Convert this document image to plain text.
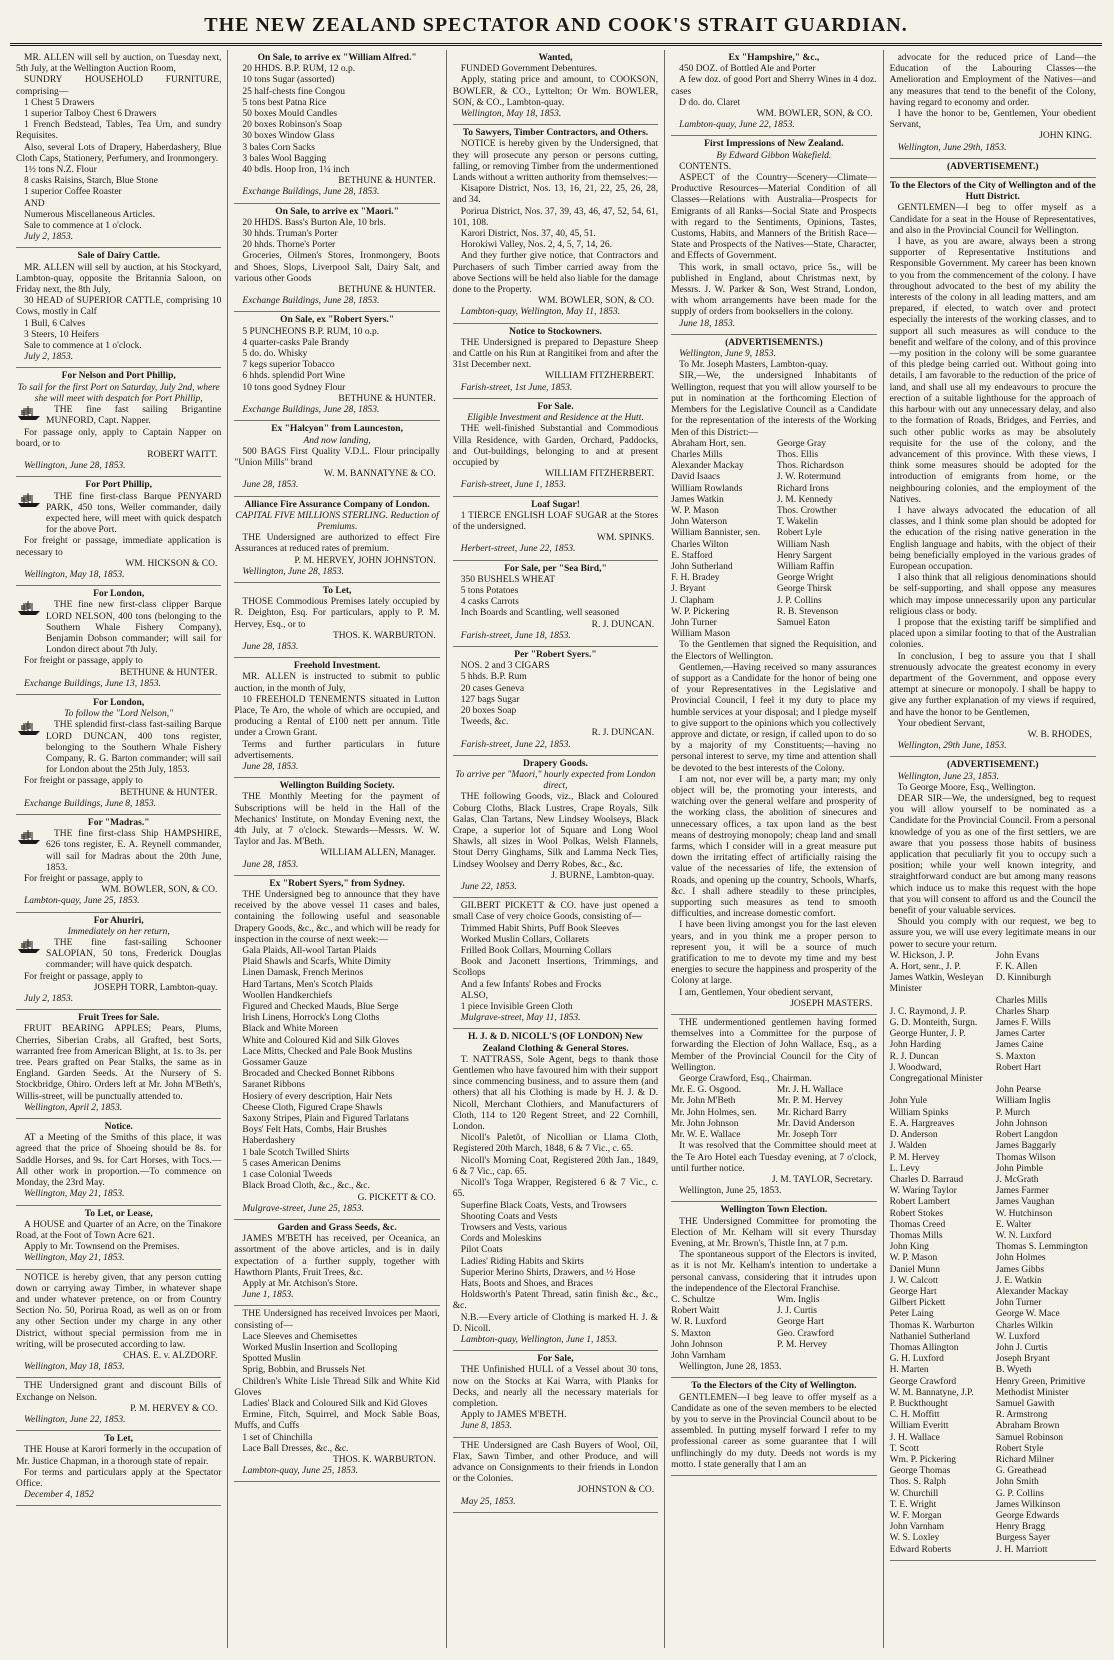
THE NEW ZEALAND SPECTATOR AND COOK'S STRAIT GUARDIAN.

MR. ALLEN will sell by auction, on Tuesday next, 5th July, at the Wellington Auction Room,

SUNDRY HOUSEHOLD FURNITURE, comprising—

1 Chest 5 Drawers

1 superior Talboy Chest 6 Drawers

1 French Bedstead, Tables, Tea Urn, and sundry Requisites.

Also, several Lots of Drapery, Haberdashery, Blue Cloth Caps, Stationery, Perfumery, and Ironmongery.

1½ tons N.Z. Flour

8 casks Raisins, Starch, Blue Stone

1 superior Coffee Roaster

AND

Numerous Miscellaneous Articles.

Sale to commence at 1 o'clock.

July 2, 1853.

Sale of Dairy Cattle.

MR. ALLEN will sell by auction, at his Stockyard, Lambton-quay, opposite the Britannia Saloon, on Friday next, the 8th July,

30 HEAD of SUPERIOR CATTLE, comprising 10 Cows, mostly in Calf

1 Bull, 6 Calves

3 Steers, 10 Heifers

Sale to commence at 1 o'clock.

July 2, 1853.

For Nelson and Port Phillip,
To sail for the first Port on Saturday, July 2nd, where she will meet with despatch for Port Phillip,

THE fine fast sailing Brigantine MUNFORD, Capt. Napper.

For passage only, apply to Captain Napper on board, or to

ROBERT WAITT.

Wellington, June 28, 1853.

For Port Phillip,

THE fine first-class Barque PENYARD PARK, 450 tons, Weller commander, daily expected here, will meet with quick despatch for the above Port.

For freight or passage, immediate application is necessary to

WM. HICKSON & CO.

Wellington, May 18, 1853.

For London,

THE fine new first-class clipper Barque LORD NELSON, 400 tons (belonging to the Southern Whale Fishery Company), Benjamin Dobson commander; will sail for London direct about 7th July.

For freight or passage, apply to

BETHUNE & HUNTER.

Exchange Buildings, June 13, 1853.

For London,
To follow the "Lord Nelson,"

THE splendid first-class fast-sailing Barque LORD DUNCAN, 400 tons register, belonging to the Southern Whale Fishery Company, R. G. Barton commander; will sail for London about the 25th July, 1853.

For freight or passage, apply to

BETHUNE & HUNTER.

Exchange Buildings, June 8, 1853.

For "Madras."

THE fine first-class Ship HAMPSHIRE, 626 tons register, E. A. Reynell commander, will sail for Madras about the 20th June, 1853.

For freight or passage, apply to

WM. BOWLER, SON, & CO.

Lambton-quay, June 25, 1853.

For Ahuriri,
Immediately on her return,

THE fine fast-sailing Schooner SALOPIAN, 50 tons, Frederick Douglas commander; will have quick despatch.

For freight or passage, apply to

JOSEPH TORR, Lambton-quay.

July 2, 1853.

Fruit Trees for Sale.

FRUIT BEARING APPLES; Pears, Plums, Cherries, Siberian Crabs, all Grafted, best Sorts, warranted free from American Blight, at 1s. to 3s. per tree. Pears grafted on Pear Stalks, the same as in England. Garden Seeds. At the Nursery of S. Stockbridge, Ohiro. Orders left at Mr. John M'Beth's, Willis-street, will be punctually attended to.

Wellington, April 2, 1853.

Notice.

AT a Meeting of the Smiths of this place, it was agreed that the price of Shoeing should be 8s. for Saddle Horses, and 9s. for Cart Horses, with Tocs.—All other work in proportion.—To commence on Monday, the 23rd May.

Wellington, May 21, 1853.

To Let, or Lease,

A HOUSE and Quarter of an Acre, on the Tinakore Road, at the Foot of Town Acre 621.

Apply to Mr. Townsend on the Premises.

Wellington, May 21, 1853.

NOTICE is hereby given, that any person cutting down or carrying away Timber, in whatever shape and under whatever pretence, on or from Country Section No. 50, Porirua Road, as well as on or from any other Section under my charge in any other District, without special permission from me in writing, will be prosecuted according to law.

CHAS. E. v. ALZDORF.

Wellington, May 18, 1853.

THE Undersigned grant and discount Bills of Exchange on Nelson.

P. M. HERVEY & CO.

Wellington, June 22, 1853.

To Let,

THE House at Karori formerly in the occupation of Mr. Justice Chapman, in a thorough state of repair.

For terms and particulars apply at the Spectator Office.

December 4, 1852

On Sale, to arrive ex "William Alfred."

20 HHDS. B.P. RUM, 12 o.p.

10 tons Sugar (assorted)

25 half-chests fine Congou

5 tons best Patna Rice

50 boxes Mould Candles

20 boxes Robinson's Soap

30 boxes Window Glass

3 bales Corn Sacks

3 bales Wool Bagging

40 bdls. Hoop Iron, 1¼ inch

BETHUNE & HUNTER.

Exchange Buildings, June 28, 1853.

On Sale, to arrive ex "Maori."

20 HHDS. Bass's Burton Ale, 10 brls.

30 hhds. Truman's Porter

20 hhds. Thorne's Porter

Groceries, Oilmen's Stores, Ironmongery, Boots and Shoes, Slops, Liverpool Salt, Dairy Salt, and various other Goods

BETHUNE & HUNTER.

Exchange Buildings, June 28, 1853.

On Sale, ex "Robert Syers."

5 PUNCHEONS B.P. RUM, 10 o.p.

4 quarter-casks Pale Brandy

5 do. do. Whisky

7 kegs superior Tobacco

6 hhds. splendid Port Wine

10 tons good Sydney Flour

BETHUNE & HUNTER.

Exchange Buildings, June 28, 1853.

Ex "Halcyon" from Launceston,
And now landing,

500 BAGS First Quality V.D.L. Flour principally "Union Mills" brand

W. M. BANNATYNE & CO.

June 28, 1853.

Alliance Fire Assurance Company of London.
CAPITAL FIVE MILLIONS STERLING. Reduction of Premiums.

THE Undersigned are authorized to effect Fire Assurances at reduced rates of premium.

P. M. HERVEY, JOHN JOHNSTON.

Wellington, June 28, 1853.

To Let,

THOSE Commodious Premises lately occupied by R. Deighton, Esq. For particulars, apply to P. M. Hervey, Esq., or to

THOS. K. WARBURTON.

June 28, 1853.

Freehold Investment.

MR. ALLEN is instructed to submit to public auction, in the month of July,

10 FREEHOLD TENEMENTS situated in Lutton Place, Te Aro, the whole of which are occupied, and producing a Rental of £100 nett per annum. Title under a Crown Grant.

Terms and further particulars in future advertisements.

June 28, 1853.

Wellington Building Society.

THE Monthly Meeting for the payment of Subscriptions will be held in the Hall of the Mechanics' Institute, on Monday Evening next, the 4th July, at 7 o'clock. Stewards—Messrs. W. W. Taylor and Jas. M'Beth.

WILLIAM ALLEN, Manager.

June 28, 1853.

Ex "Robert Syers," from Sydney.

THE Undersigned beg to announce that they have received by the above vessel 11 cases and bales, containing the following useful and seasonable Drapery Goods, &c., &c., and which will be ready for inspection in the course of next week:—

Gala Plaids, All-wool Tartan Plaids

Plaid Shawls and Scarfs, White Dimity

Linen Damask, French Merinos

Hard Tartans, Men's Scotch Plaids

Woollen Handkerchiefs

Figured and Checked Mauds, Blue Serge

Irish Linens, Horrock's Long Cloths

Black and White Moreen

White and Coloured Kid and Silk Gloves

Lace Mitts, Checked and Pale Book Muslins

Gossamer Gauze

Brocaded and Checked Bonnet Ribbons

Saranet Ribbons

Hosiery of every description, Hair Nets

Cheese Cloth, Figured Crape Shawls

Saxony Stripes, Plain and Figured Tarlatans

Boys' Felt Hats, Combs, Hair Brushes

Haberdashery

1 bale Scotch Twilled Shirts

5 cases American Denims

1 case Colonial Tweeds

Black Broad Cloth, &c., &c., &c.

G. PICKETT & CO.

Mulgrave-street, June 25, 1853.

Garden and Grass Seeds, &c.

JAMES M'BETH has received, per Oceanica, an assortment of the above articles, and is in daily expectation of a further supply, together with Hawthorn Plants, Fruit Trees, &c.

Apply at Mr. Atchison's Store.

June 1, 1853.

THE Undersigned has received Invoices per Maori, consisting of—

Lace Sleeves and Chemisettes

Worked Muslin Insertion and Scolloping

Spotted Muslin

Sprig, Bobbin, and Brussels Net

Children's White Lisle Thread Silk and White Kid Gloves

Ladies' Black and Coloured Silk and Kid Gloves

Ermine, Fitch, Squirrel, and Mock Sable Boas, Muffs, and Cuffs

1 set of Chinchilla

Lace Ball Dresses, &c., &c.

THOS. K. WARBURTON.

Lambton-quay, June 25, 1853.

Wanted,

FUNDED Government Debentures.

Apply, stating price and amount, to COOKSON, BOWLER, & CO., Lyttelton; Or Wm. BOWLER, SON, & CO., Lambton-quay.

Wellington, May 18, 1853.

To Sawyers, Timber Contractors, and Others.

NOTICE is hereby given by the Undersigned, that they will prosecute any person or persons cutting, falling, or removing Timber from the undermentioned Lands without a written authority from themselves:—

Kisapore District, Nos. 13, 16, 21, 22, 25, 26, 28, and 34.

Porirua District, Nos. 37, 39, 43, 46, 47, 52, 54, 61, 101, 108.

Karori District, Nos. 37, 40, 45, 51.

Horokiwi Valley, Nos. 2, 4, 5, 7, 14, 26.

And they further give notice, that Contractors and Purchasers of such Timber carried away from the above Sections will be held also liable for the damage done to the Property.

WM. BOWLER, SON, & CO.

Lambton-quay, Wellington, May 11, 1853.

Notice to Stockowners.

THE Undersigned is prepared to Depasture Sheep and Cattle on his Run at Rangitikei from and after the 31st December next.

WILLIAM FITZHERBERT.

Farish-street, 1st June, 1853.

For Sale.
Eligible Investment and Residence at the Hutt.

THE well-finished Substantial and Commodious Villa Residence, with Garden, Orchard, Paddocks, and Out-buildings, belonging to and at present occupied by

WILLIAM FITZHERBERT.

Farish-street, June 1, 1853.

Loaf Sugar!

1 TIERCE ENGLISH LOAF SUGAR at the Stores of the undersigned.

WM. SPINKS.

Herbert-street, June 22, 1853.

For Sale, per "Sea Bird,"

350 BUSHELS WHEAT

5 tons Potatoes

4 casks Carrots

Inch Boards and Scantling, well seasoned

R. J. DUNCAN.

Farish-street, June 18, 1853.

Per "Robert Syers."

NOS. 2 and 3 CIGARS

5 hhds. B.P. Rum

20 cases Geneva

127 bags Sugar

20 boxes Soap

Tweeds, &c.

R. J. DUNCAN.

Farish-street, June 22, 1853.

Drapery Goods.
To arrive per "Maori," hourly expected from London direct,

THE following Goods, viz., Black and Coloured Coburg Cloths, Black Lustres, Crape Royals, Silk Galas, Clan Tartans, New Lindsey Woolseys, Black Crape, a superior lot of Square and Long Wool Shawls, all sizes in Wool Polkas, Welsh Flannels, Stout Derry Ginghams, Silk and Lamma Neck Ties, Lindsey Woolsey and Derry Robes, &c., &c.

J. BURNE, Lambton-quay.

June 22, 1853.

GILBERT PICKETT & CO. have just opened a small Case of very choice Goods, consisting of—

Trimmed Habit Shirts, Puff Book Sleeves

Worked Muslin Collars, Collarets

Frilled Book Collars, Mourning Collars

Book and Jaconett Insertions, Trimmings, and Scollops

And a few Infants' Robes and Frocks

ALSO,

1 piece Invisible Green Cloth

Mulgrave-street, May 11, 1853.

H. J. & D. NICOLL'S (OF LONDON) New Zealand Clothing & General Stores.

T. NATTRASS, Sole Agent, begs to thank those Gentlemen who have favoured him with their support since commencing business, and to assure them (and others) that all his Clothing is made by H. J. & D. Nicoll, Merchant Clothiers, and Manufacturers of Cloth, 114 to 120 Regent Street, and 22 Cornhill, London.

Nicoll's Paletôt, of Nicollian or Llama Cloth, Registered 20th March, 1848, 6 & 7 Vic., c. 65.

Nicoll's Morning Coat, Registered 20th Jan., 1849, 6 & 7 Vic., cap. 65.

Nicoll's Toga Wrapper, Registered 6 & 7 Vic., c. 65.

Superfine Black Coats, Vests, and Trowsers

Shooting Coats and Vests

Trowsers and Vests, various

Cords and Moleskins

Pilot Coats

Ladies' Riding Habits and Skirts

Superior Merino Shirts, Drawers, and ½ Hose

Hats, Boots and Shoes, and Braces

Holdsworth's Patent Thread, satin finish &c., &c., &c.

N.B.—Every article of Clothing is marked H. J. & D. Nicoll.

Lambton-quay, Wellington, June 1, 1853.

For Sale,

THE Unfinished HULL of a Vessel about 30 tons, now on the Stocks at Kai Warra, with Planks for Decks, and nearly all the necessary materials for completion.

Apply to JAMES M'BETH.

June 8, 1853.

THE Undersigned are Cash Buyers of Wool, Oil, Flax, Sawn Timber, and other Produce, and will advance on Consignments to their friends in London or the Colonies.

JOHNSTON & CO.

May 25, 1853.

Ex "Hampshire," &c.,

450 DOZ. of Bottled Ale and Porter

A few doz. of good Port and Sherry Wines in 4 doz. cases

D do. do. Claret

WM. BOWLER, SON, & CO.

Lambton-quay, June 22, 1853.

First Impressions of New Zealand.
By Edward Gibbon Wakefield.

CONTENTS.

ASPECT of the Country—Scenery—Climate—Productive Resources—Material Condition of all Classes—Relations with Australia—Prospects for Emigrants of all Ranks—Social State and Prospects with regard to the Sentiments, Opinions, Tastes, Customs, Habits, and Manners of the British Race—State and Prospects of the Natives—State, Character, and Effects of Government.

This work, in small octavo, price 5s., will be published in England, about Christmas next, by Messrs. J. W. Parker & Son, West Strand, London, with whom arrangements have been made for the supply of orders from booksellers in the colony.

June 18, 1853.

(ADVERTISEMENTS.)

Wellington, June 9, 1853.

To Mr. Joseph Masters, Lambton-quay.

SIR,—We, the undersigned Inhabitants of Wellington, request that you will allow yourself to be put in nomination at the forthcoming Election of Members for the Legislative Council as a Candidate for the representation of the interests of the Working Men of this District:—

Abraham Hort, sen.	George Gray
Charles Mills	Thos. Ellis
Alexander Mackay	Thos. Richardson
David Isaacs	J. W. Rotermund
William Rowlands	Richard Irons
James Watkin	J. M. Kennedy
W. P. Mason	Thos. Crowther
John Waterson	T. Wakelin
William Bannister, sen.	Robert Lyle
Charles Wilton	William Nash
E. Stafford	Henry Sargent
John Sutherland	William Raffin
F. H. Bradey	George Wright
J. Bryant	George Thirsk
J. Clapham	J. P. Collins
W. P. Pickering	R. B. Stevenson
John Turner	Samuel Eaton
William Mason

To the Gentlemen that signed the Requisition, and the Electors of Wellington.

Gentlemen,—Having received so many assurances of support as a Candidate for the honor of being one of your Representatives in the Legislative and Provincial Council, I feel it my duty to place my humble services at your disposal; and I pledge myself to give support to the opinions which you collectively approve and dictate, or resign, if called upon to do so by a majority of my Constituents;—having no personal interest to serve, my time and attention shall be devoted to the best interests of the Colony.

I am not, nor ever will be, a party man; my only object will be, the promoting your interests, and watching over the general welfare and prosperity of the working class, the abolition of sinecures and unnecessary offices, a tax upon land as the best means of destroying monopoly; cheap land and small farms, which I consider will in a great measure put down the irritating effect of artificially raising the value of the necessaries of life, the extension of Roads, and opening up the country, Schools, Wharfs, &c. I shall adhere steadily to these principles, supporting such measures as tend to smooth difficulties, and increase domestic comfort.

I have been living amongst you for the last eleven years, and in you think me a proper person to represent you, it will be a source of much gratification to me to devote my time and my best energies to secure the happiness and prosperity of the Colony at large.

I am, Gentlemen, Your obedient servant,

JOSEPH MASTERS.

THE undermentioned gentlemen having formed themselves into a Committee for the purpose of forwarding the Election of John Wallace, Esq., as a Member of the Provincial Council for the City of Wellington.

George Crawford, Esq., Chairman.

Mr. E. G. Osgood.	Mr. J. H. Wallace
Mr. John M'Beth	Mr. P. M. Hervey
Mr. John Holmes, sen.	Mr. Richard Barry
Mr. John Johnson	Mr. David Anderson
Mr. W. E. Wallace	Mr. Joseph Torr

It was resolved that the Committee should meet at the Te Aro Hotel each Tuesday evening, at 7 o'clock, until further notice.

J. M. TAYLOR, Secretary.

Wellington, June 25, 1853.

Wellington Town Election.

THE Undersigned Committee for promoting the Election of Mr. Kelham will sit every Thursday Evening, at Mr. Brown's, Thistle Inn, at 7 p.m.

The spontaneous support of the Electors is invited, as it is not Mr. Kelham's intention to undertake a personal canvass, considering that it intrudes upon the independence of the Electoral Franchise.

C. Schultze	Wm. Inglis
Robert Waitt	J. J. Curtis
W. R. Luxford	George Hart
S. Maxton	Geo. Crawford
John Johnson	P. M. Hervey
John Varnham

Wellington, June 28, 1853.

To the Electors of the City of Wellington.

GENTLEMEN—I beg leave to offer myself as a Candidate as one of the seven members to be elected by you to serve in the Provincial Council about to be assembled. In putting myself forward I refer to my professional career as some guarantee that I will unflinchingly do my duty. Deeds not words is my motto. I state generally that I am an

advocate for the reduced price of Land—the Education of the Labouring Classes—the Amelioration and Employment of the Natives—and any measures that tend to the benefit of the Colony, having regard to economy and order.

I have the honor to be, Gentlemen, Your obedient Servant,

JOHN KING.

Wellington, June 29th, 1853.

(ADVERTISEMENT.)
To the Electors of the City of Wellington and of the Hutt District.

GENTLEMEN—I beg to offer myself as a Candidate for a seat in the House of Representatives, and also in the Provincial Council for Wellington.

I have, as you are aware, always been a strong supporter of Representative Institutions and Responsible Government. My career has been known to you from the commencement of the colony. I have throughout advocated to the best of my ability the interests of the colony in all leading matters, and am prepared, if elected, to watch over and protect especially the interests of the working classes, and to support all such measures as will conduce to the benefit and welfare of the colony, and of this province—my position in the colony will be some guarantee of this pledge being carried out. Without going into details, I am favorable to the reduction of the price of land, and shall use all my endeavours to procure the erection of a suitable lighthouse for the approach of this harbour with out any unnecessary delay, and also to the formation of Roads, Bridges, and Ferries, and such other public works as may be absolutely requisite for the use of the colony, and the advancement of this province. With these views, I think some measures should be adopted for the introduction of emigrants from home, or the neighbouring colonies, and the employment of the Natives.

I have always advocated the education of all classes, and I think some plan should be adopted for the education of the rising native generation in the English language and habits, with the object of their being beneficially employed in the various grades of European occupation.

I also think that all religious denominations should be self-supporting, and shall oppose any measures which may impose unnecessarily upon any particular religious class or body.

I propose that the existing tariff be simplified and placed upon a similar footing to that of the Australian colonies.

In conclusion, I beg to assure you that I shall strenuously advocate the greatest economy in every department of the Government, and oppose every attempt at sinecure or monopoly. I shall be happy to give any further explanation of my views if required, and have the honor to be Gentlemen,

Your obedient Servant,

W. B. RHODES,

Wellington, 29th June, 1853.

(ADVERTISEMENT.)

Wellington, June 23, 1853.

To George Moore, Esq., Wellington.

DEAR SIR—We, the undersigned, beg to request you will allow yourself to be nominated as a Candidate for the Provincial Council. From a personal knowledge of you as one of the first settlers, we are aware that you possess those habits of business application that peculiarly fit you to occupy such a position; while your well known integrity, and straightforward conduct are but among many reasons which induce us to make this request with the hope that you will consent to afford us and the Council the benefit of your valuable services.

Should you comply with our request, we beg to assure you, we will use every legitimate means in our power to secure your return.

W. Hickson, J. P.	John Evans
A. Hort, senr., J. P.	F. K. Allen
James Watkin, Wesleyan Minister
D. Kinniburgh
Charles Mills
J. C. Raymond, J. P.	Charles Sharp
G. D. Monteith, Surgn.	James F. Wills
George Hunter, J. P.	James Carter
John Harding	James Caine
R. J. Duncan	S. Maxton
J. Woodward, Congregational Minister
Robert Hart
John Pearse
John Yule	William Inglis
William Spinks	P. Murch
E. A. Hargreaves	John Johnson
D. Anderson	Robert Langdon
J. Walden	James Baggarly
P. M. Hervey	Thomas Wilson
L. Levy	John Pimble
Charles D. Barraud	J. McGrath
W. Waring Taylor	James Farmer
Robert Lambert	James Vaughan
Robert Stokes	W. Hutchinson
Thomas Creed	E. Walter
Thomas Mills	W. N. Luxford
John King	Thomas S. Lemmington
W. P. Mason	John Holmes
Daniel Munn	James Gibbs
J. W. Calcott	J. E. Watkin
George Hart	Alexander Mackay
Gilbert Pickett	John Turner
Peter Laing	George W. Mace
Thomas K. Warburton	Charles Wilkin
Nathaniel Sutherland	W. Luxford
Thomas Allington	John J. Curtis
G. H. Luxford	Joseph Bryant
H. Marten	B. Wyeth
George Crawford	Henry Green, Primitive
W. M. Bannatyne, J.P.	Methodist Minister
P. Buckthought	Samuel Gawith
C. H. Moffitt	R. Armstrong
William Everitt	Abraham Brown
J. H. Wallace	Samuel Robinson
T. Scott	Robert Style
Wm. P. Pickering	Richard Milner
George Thomas	G. Greathead
Thos. S. Ralph	John Smith
W. Churchill	G. P. Collins
T. E. Wright	James Wilkinson
W. F. Morgan	George Edwards
John Varnham	Henry Bragg
W. S. Loxley	Burgess Sayer
Edward Roberts	J. H. Marriott
